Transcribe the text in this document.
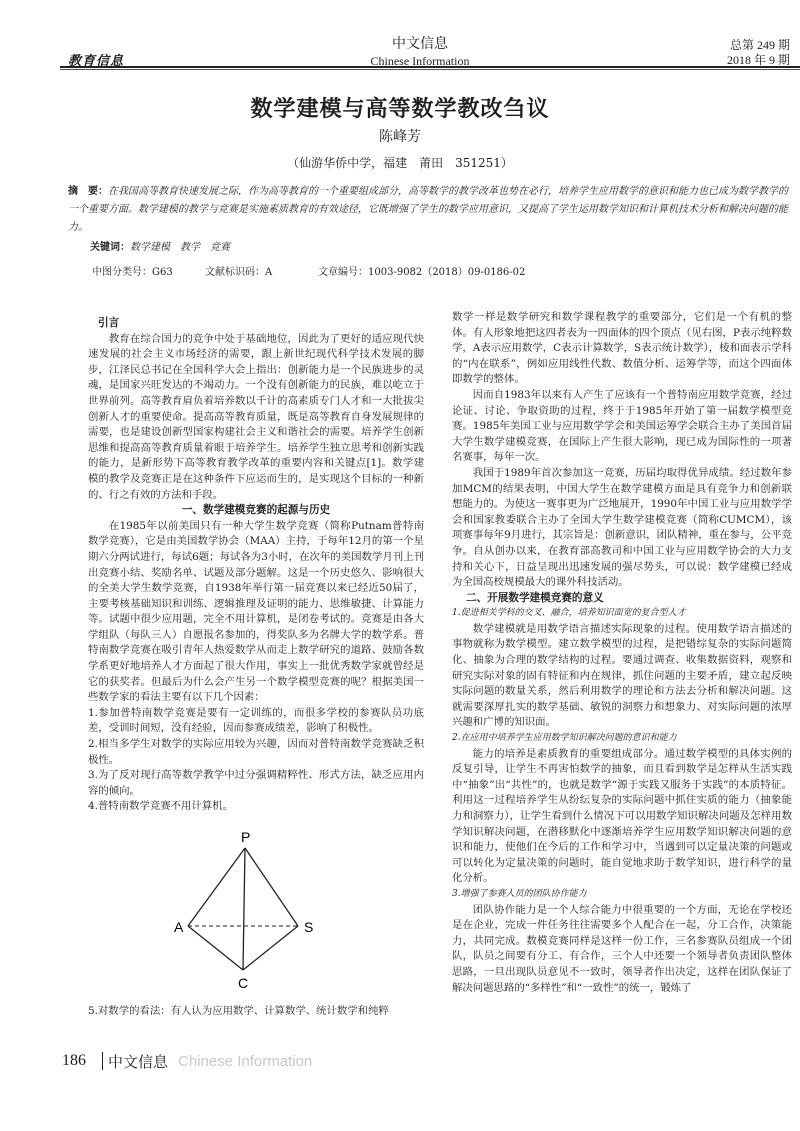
教育信息
中文信息
Chinese Information
总第 249 期
2018 年 9 期
数学建模与高等数学教改刍议
陈峰芳
（仙游华侨中学，福建　莆田　351251）
摘　要：在我国高等教育快速发展之际，作为高等教育的一个重要组成部分，高等数学的教学改革也势在必行，培养学生应用数学的意识和能力也已成为数学教学的一个重要方面。数学建模的教学与竞赛是实施素质教育的有效途径，它既增强了学生的数学应用意识，又提高了学生运用数学知识和计算机技术分析和解决问题的能力。
关键词：数学建模　教学　竞赛
中图分类号：G63	文献标识码：A	文章编号：1003-9082（2018）09-0186-02
引言

教育在综合国力的竞争中处于基础地位，因此为了更好的适应现代快速发展的社会主义市场经济的需要，跟上新世纪现代科学技术发展的脚步，江泽民总书记在全国科学大会上指出：创新能力是一个民族进步的灵魂，是国家兴旺发达的不竭动力。一个没有创新能力的民族，难以屹立于世界前列。高等教育肩负着培养数以千计的高素质专门人才和一大批拔尖创新人才的重要使命。提高高等教育质量，既是高等教育自身发展规律的需要，也是建设创新型国家构建社会主义和谐社会的需要。培养学生创新思维和提高高等教育质量着眼于培养学生。培养学生独立思考和创新实践的能力，是新形势下高等教育教学改革的重要内容和关键点[1]。数学建模的教学及竞赛正是在这种条件下应运而生的，是实现这个目标的一种新的、行之有效的方法和手段。

一、数学建模竞赛的起源与历史

在1985年以前美国只有一种大学生数学竞赛（简称Putnam普特南数学竞赛），它是由美国数学协会（MAA）主持，于每年12月的第一个星期六分两试进行，每试6题；每试各为3小时，在次年的美国数学月刊上刊出竞赛小结、奖励名单、试题及部分题解。这是一个历史悠久、影响很大的全美大学生数学竞赛，自1938年举行第一届竞赛以来已经近50届了，主要考核基础知识和训练、逻辑推理及证明的能力、思维敏捷、计算能力等。试题中很少应用题，完全不用计算机，是闭卷考试的。竞赛是由各大学组队（每队三人）自愿报名参加的，得奖队多为名牌大学的数学系。普特南数学竞赛在吸引青年人热爱数学从而走上数学研究的道路、鼓励各数学系更好地培养人才方面起了很大作用，事实上一批优秀数学家就曾经是它的获奖者。但最后为什么会产生另一个数学模型竞赛的呢？根据美国一些数学家的看法主要有以下几个因素：

1.参加普特南数学竞赛是要有一定训练的，而很多学校的参赛队员功底差，受训时间短，没有经验，因而参赛成绩差，影响了积极性。

2.相当多学生对数学的实际应用较为兴趣，因而对普特南数学竞赛缺乏积极性。

3.为了反对现行高等数学教学中过分强调精粹性、形式方法，缺乏应用内容的倾向。

4.普特南数学竞赛不用计算机。

P
A	S
C

5.对数学的看法：有人认为应用数学、计算数学、统计数学和纯粹

数学一样是数学研究和数学课程教学的重要部分，它们是一个有机的整体。有人形象地把这四者表为一四面体的四个顶点（见右图，P表示纯粹数学，A表示应用数学，C表示计算数学，S表示统计数学），棱和面表示学科的“内在联系”，例如应用线性代数、数值分析、运筹学等，而这个四面体即数学的整体。

因而自1983年以来有人产生了应该有一个普特南应用数学竞赛，经过论证、讨论、争取资助的过程，终于于1985年开始了第一届数学模型竞赛。1985年美国工业与应用数学学会和美国运筹学会联合主办了美国首届大学生数学建模竞赛，在国际上产生很大影响，现已成为国际性的一项著名赛事，每年一次。

我国于1989年首次参加这一竞赛，历届均取得优异成绩。经过数年参加MCM的结果表明，中国大学生在数学建模方面是具有竞争力和创新联想能力的。为使这一赛事更为广泛地展开，1990年中国工业与应用数学学会和国家教委联合主办了全国大学生数学建模竞赛（简称CUMCM），该项赛事每年9月进行，其宗旨是：创新意识，团队精神，重在参与，公平竞争。自从创办以来，在教育部高教司和中国工业与应用数学协会的大力支持和关心下，日益呈现出迅速发展的强尽势头，可以说：数学建模已经成为全国高校规模最大的课外科技活动。

二、开展数学建模竞赛的意义

1.促进相关学科的交叉、融合，培养知识面宽的复合型人才

数学建模就是用数学语言描述实际现象的过程。使用数学语言描述的事物就称为数学模型。建立数学模型的过程，是把错综复杂的实际问题简化、抽象为合理的数学结构的过程。要通过调查、收集数据资料，观察和研究实际对象的固有特征和内在规律，抓住问题的主要矛盾，建立起反映实际问题的数量关系，然后利用数学的理论和方法去分析和解决问题。这就需要深厚扎实的数学基础、敏锐的洞察力和想象力、对实际问题的浓厚兴趣和广博的知识面。

2.在应用中培养学生应用数学知识解决问题的意识和能力

能力的培养是素质教育的重要组成部分。通过数学模型的具体实例的反复引导，让学生不再害怕数学的抽象，而且看到数学是怎样从生活实践中“抽象”出“共性”的，也就是数学“源于实践又服务于实践”的本质特征。利用这一过程培养学生从纷纭复杂的实际问题中抓住实质的能力（抽象能力和洞察力），让学生看到什么情况下可以用数学知识解决问题及怎样用数学知识解决问题，在潜移默化中逐渐培养学生应用数学知识解决问题的意识和能力，使他们在今后的工作和学习中，当遇到可以定量决策的问题或可以转化为定量决策的问题时，能自觉地求助于数学知识，进行科学的量化分析。

3.增强了参赛人员的团队协作能力

团队协作能力是一个人综合能力中很重要的一个方面，无论在学校还是在企业，完成一件任务往往需要多个人配合在一起，分工合作，决策能力，共同完成。数模竞赛同样是这样一份工作，三名参赛队员组成一个团队，队员之间要有分工、有合作，三个人中还要一个领导者负责团队整体思路，一旦出现队员意见不一致时，领导者作出决定，这样在团队保证了解决问题思路的“多样性”和“一致性”的统一，锻炼了

186 中文信息 Chinese Information
